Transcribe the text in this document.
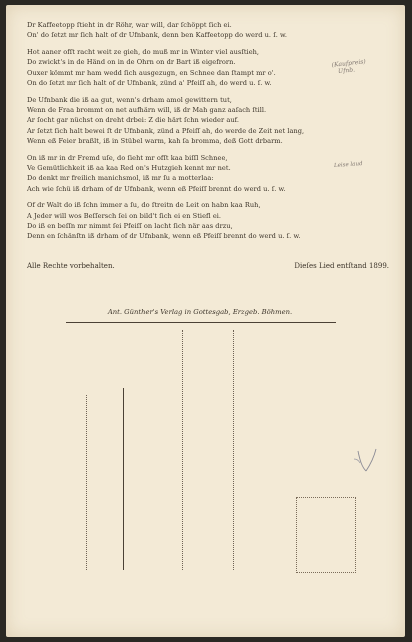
Dr Kaffeetopp ſtieht in dr Röhr, war will, dar ſchöppt ſich ei.
On' do ſetzt mr ſich halt of dr Ufnbank, denn ben Kaffeetopp do werd u. ſ. w.
Hot aaner ofſt racht weit ze gieh, do muß mr in Winter viel ausſtieh,
Do zwickt's in de Händ on in de Ohrn on dr Bart iß eigefrorn.
Ouxer kömmt mr ham wedd ſich ausgezugn, en Schnee dan ſtampt mr o'.
On do ſetzt mr ſich halt of dr Ufnbank, zünd a' Pfeiſſ ah, do werd u. ſ. w.
De Ufnbank die iß aa gut, wenn's drham amol gewittern tut,
Wenn de Fraa brommt on net aufhärn will, iß dr Mah ganz aaſach ſtill.
Ar ſocht gar nüchst on dreht drbei: Z die härt ſchn wieder auf.
Ar ſetzt ſich halt bewei ſt dr Ufnbank, zünd a Pfeiſſ ah, do werde de Zeit net lang,
Wenn eß Feier braßlt, iß in Stübel warm, kah ſa bromma, deß Gott drbarm.
On iß mr in dr Fremd uſe, do ſieht mr ofſt kaa biſſl Schnee,
Ve Gemütlichkeit iß aa kaa Red on's Hutzgieh kennt mr net.
Do denkt mr freilich manichsmol, iß mr ſu a motterlaa:
Ach wie ſchü iß drham of dr Ufnbank, wenn eß Pfeiſſ brennt do werd u. ſ. w.
Of dr Walt do iß ſchn immer a ſu, do ſtreitn de Leit on habn kaa Ruh,
A Jeder will wos Beſſersch ſei on bild't ſich ei en Stiefl ei.
Do iß en beſſn mr nimmt ſei Pfeiſſ on lacht ſich när aas drzu,
Denn en ſchänſtn iß drham of dr Ufnbank, wenn eß Pfeiſſ brennt do werd u. ſ. w.
Alle Rechte vorbehalten.	Dieſes Lied entſtand 1899.
Ant. Günther's Verlag in Gottesgab, Erzgeb. Böhmen.
(Kaufpreis)
Ufnb.
Leise laud
